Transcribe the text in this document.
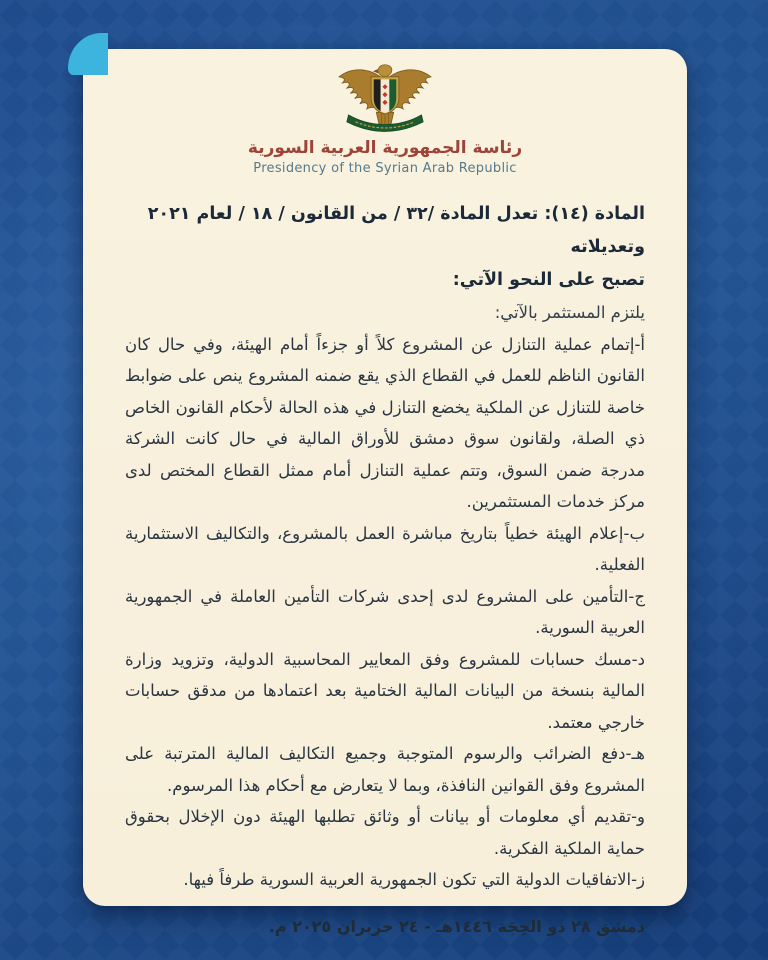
رئاسة الجمهورية العربية السورية
Presidency of the Syrian Arab Republic

المادة (١٤): تعدل المادة /٣٢ / من القانون / ١٨ / لعام ٢٠٢١ وتعديلاته
تصبح على النحو الآتي:

يلتزم المستثمر بالآتي:

أ-إتمام عملية التنازل عن المشروع كلاً أو جزءاً أمام الهيئة، وفي حال كان القانون الناظم للعمل في القطاع الذي يقع ضمنه المشروع ينص على ضوابط خاصة للتنازل عن الملكية يخضع التنازل في هذه الحالة لأحكام القانون الخاص ذي الصلة، ولقانون سوق دمشق للأوراق المالية في حال كانت الشركة مدرجة ضمن السوق، وتتم عملية التنازل أمام ممثل القطاع المختص لدى مركز خدمات المستثمرين.

ب-إعلام الهيئة خطياً بتاريخ مباشرة العمل بالمشروع، والتكاليف الاستثمارية الفعلية.

ج-التأمين على المشروع لدى إحدى شركات التأمين العاملة في الجمهورية العربية السورية.

د-مسك حسابات للمشروع وفق المعايير المحاسبية الدولية، وتزويد وزارة المالية بنسخة من البيانات المالية الختامية بعد اعتمادها من مدقق حسابات خارجي معتمد.

هـ-دفع الضرائب والرسوم المتوجبة وجميع التكاليف المالية المترتبة على المشروع وفق القوانين النافذة، وبما لا يتعارض مع أحكام هذا المرسوم.

و-تقديم أي معلومات أو بيانات أو وثائق تطلبها الهيئة دون الإخلال بحقوق حماية الملكية الفكرية.

ز-الاتفاقيات الدولية التي تكون الجمهورية العربية السورية طرفاً فيها.

دمشق ٢٨ ذو الحِجَة ١٤٤٦هـ - ٢٤ حزيران ٢٠٢٥ م.
